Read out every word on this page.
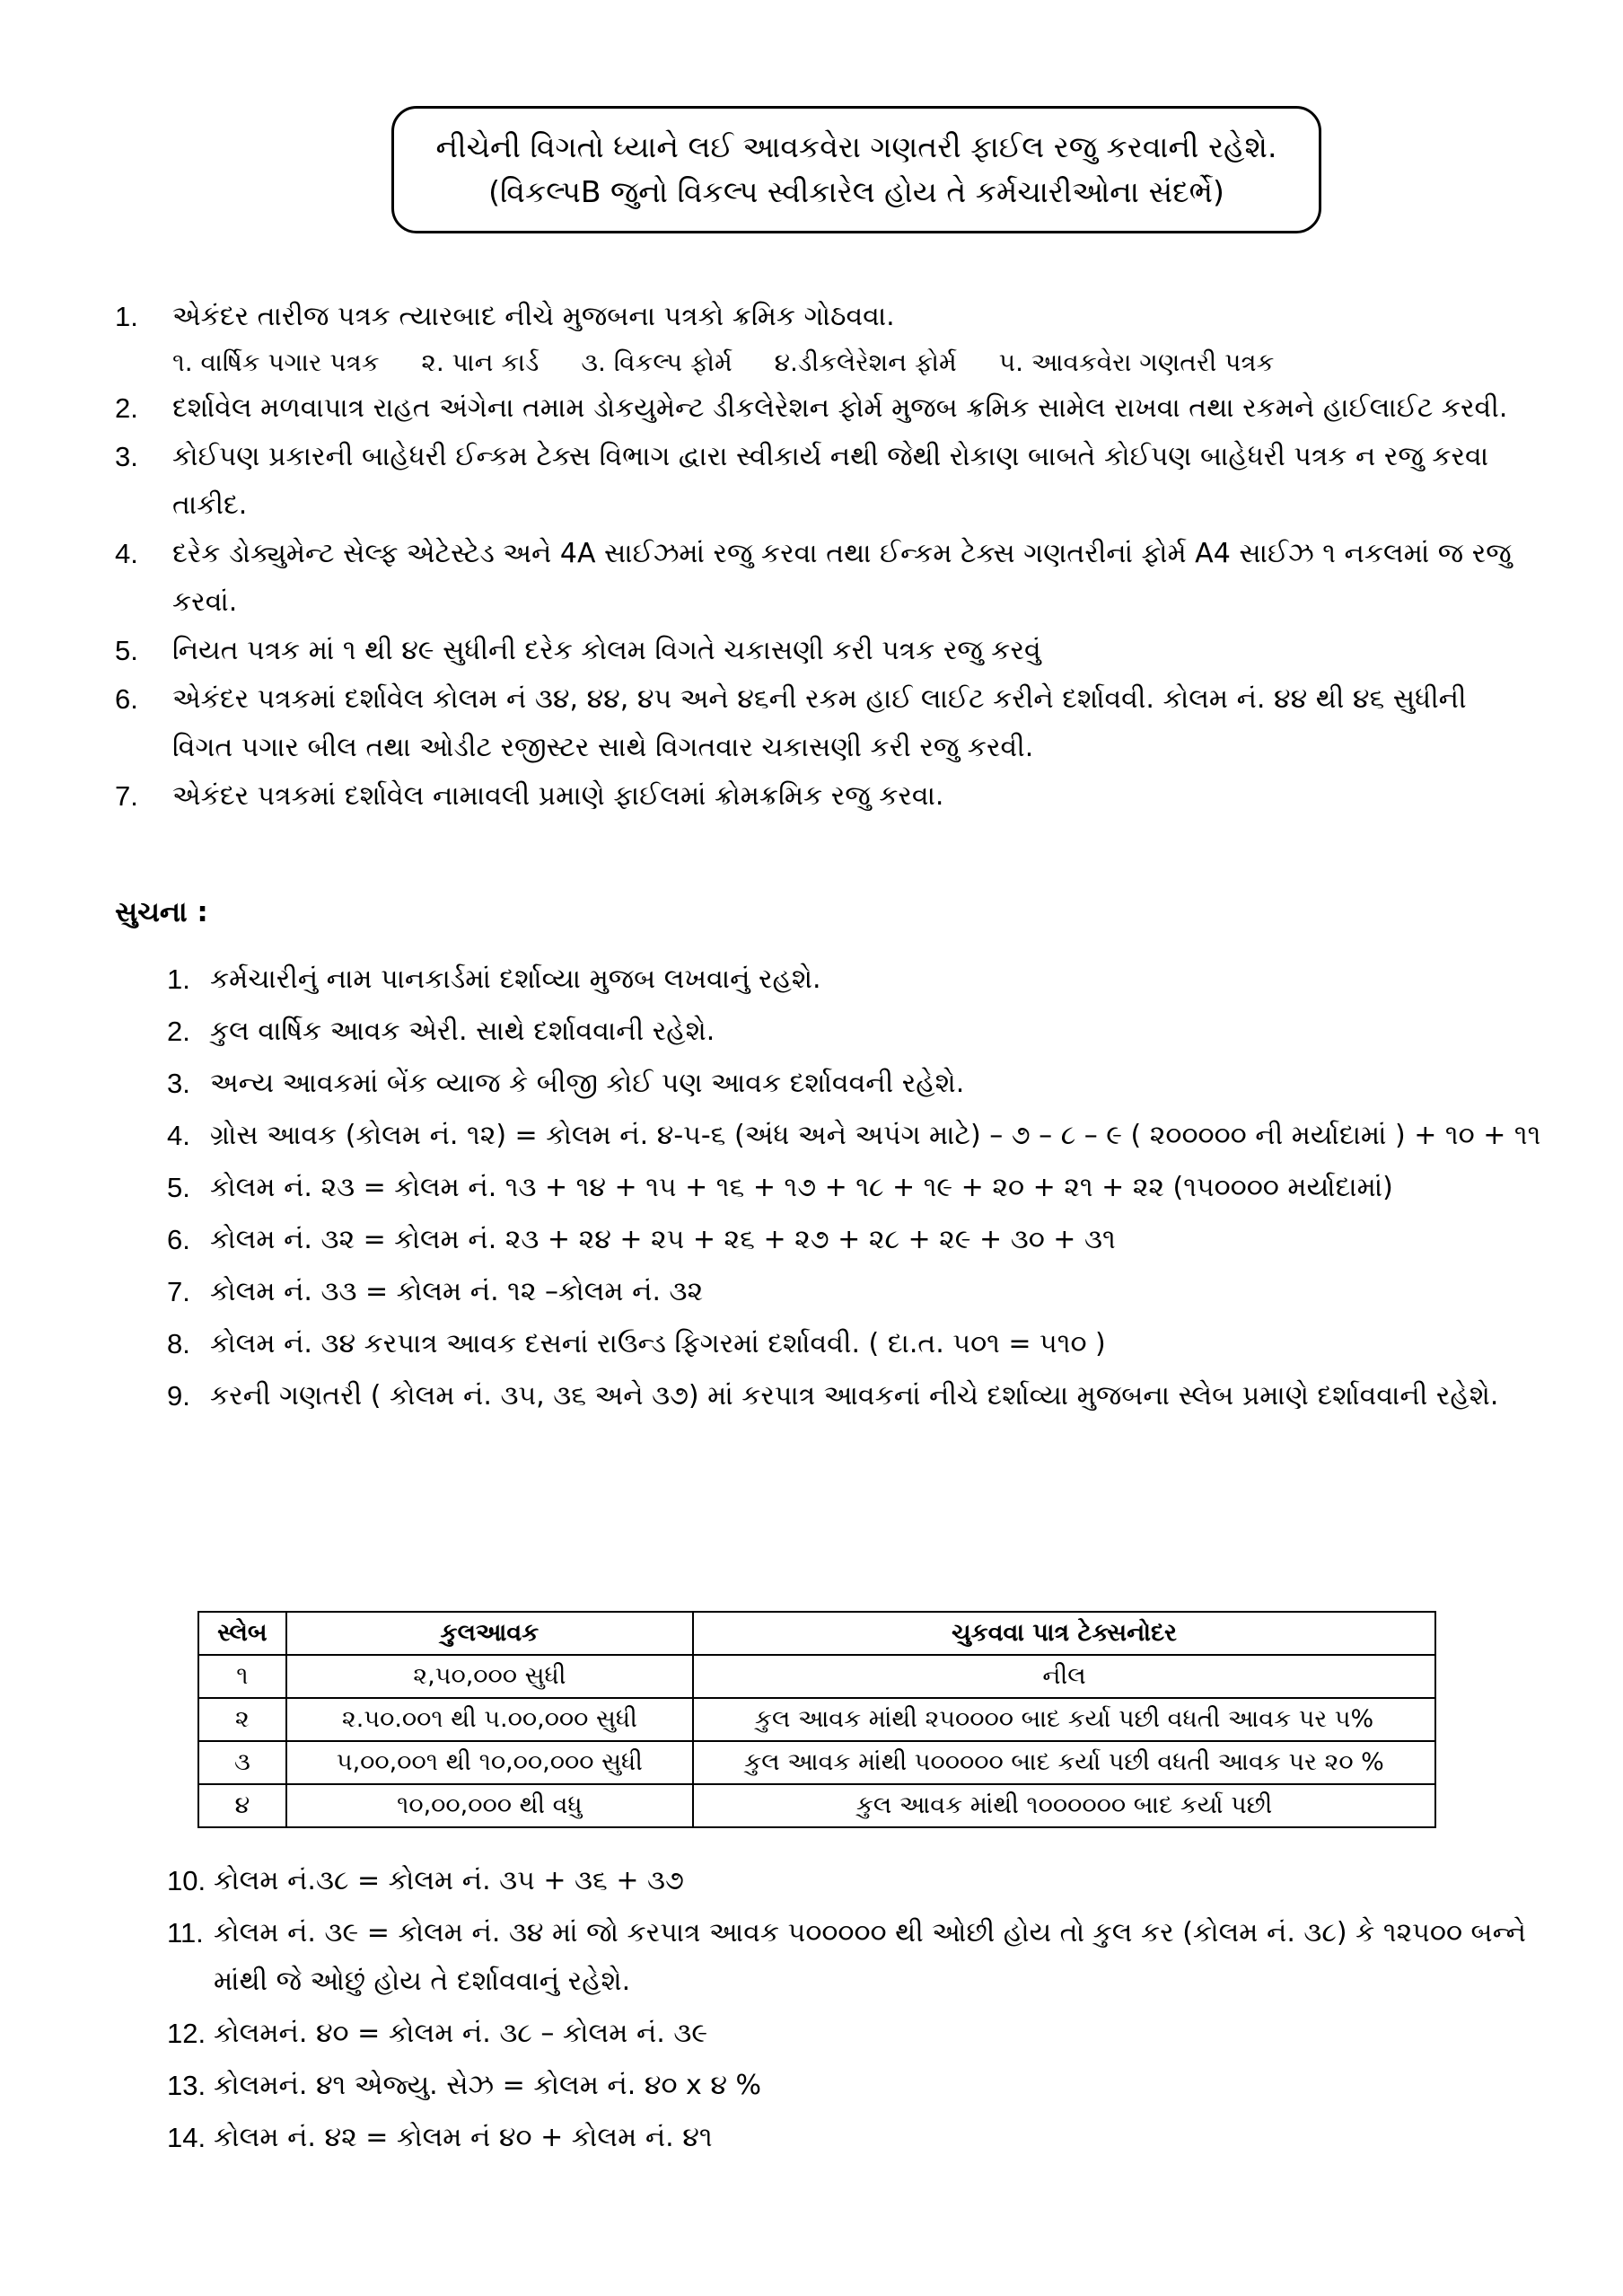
નીચેની વિગતો ધ્યાને લઈ આવકવેરા ગણતરી ફાઈલ રજુ કરવાની રહેશે.
(વિકલ્પB જુનો વિકલ્પ સ્વીકારેલ હોય તે કર્મચારીઓના સંદર્ભે)
1.	એકંદર તારીજ પત્રક ત્યારબાદ નીચે મુજબના પત્રકો ક્રમિક ગોઠવવા.
૧. વાર્ષિક પગાર પત્રક ૨. પાન કાર્ડ ૩. વિકલ્પ ફોર્મ ૪.ડીકલેરેશન ફોર્મ ૫. આવકવેરા ગણતરી પત્રક
2.	દર્શાવેલ મળવાપાત્ર રાહત અંગેના તમામ ડોકયુમેન્ટ ડીકલેરેશન ફોર્મ મુજબ ક્રમિક સામેલ રાખવા તથા રકમને હાઈલાઈટ કરવી.
3.	કોઈપણ પ્રકારની બાહેધરી ઈન્કમ ટેક્સ વિભાગ દ્વારા સ્વીકાર્ય નથી જેથી રોકાણ બાબતે કોઈપણ બાહેધરી પત્રક ન રજુ કરવા તાકીદ.
4.	દરેક ડોક્યુમેન્ટ સેલ્ફ એટેસ્ટેડ અને 4A સાઈઝમાં રજુ કરવા તથા ઈન્કમ ટેક્સ ગણતરીનાં ફોર્મ A4 સાઈઝ ૧ નકલમાં જ રજુ કરવાં.
5.	નિયત પત્રક માં ૧ થી ૪૯ સુધીની દરેક કોલમ વિગતે ચકાસણી કરી પત્રક રજુ કરવું
6.	એકંદર પત્રકમાં દર્શાવેલ કોલમ નં ૩૪, ૪૪, ૪૫ અને ૪૬ની રકમ હાઈ લાઈટ કરીને દર્શાવવી. કોલમ નં. ૪૪ થી ૪૬ સુધીની વિગત પગાર બીલ તથા ઓડીટ રજીસ્ટર સાથે વિગતવાર ચકાસણી કરી રજુ કરવી.
7.	એકંદર પત્રકમાં દર્શાવેલ નામાવલી પ્રમાણે ફાઈલમાં ક્રોમક્રમિક રજુ કરવા.
સુચના :
1. કર્મચારીનું નામ પાનકાર્ડમાં દર્શાવ્યા મુજબ લખવાનું રહશે.
2. કુલ વાર્ષિક આવક એરી. સાથે દર્શાવવાની રહેશે.
3. અન્ય આવકમાં બેંક વ્યાજ કે બીજી કોઈ પણ આવક દર્શાવવની રહેશે.
4. ગ્રોસ આવક (કોલમ નં. ૧૨) = કોલમ નં. ૪-૫-૬ (અંધ અને અપંગ માટે) – ૭ – ૮ – ૯ ( ૨૦૦૦૦૦ ની મર્યાદામાં ) + ૧૦ + ૧૧
5. કોલમ નં. ૨૩ = કોલમ નં. ૧૩ + ૧૪ + ૧૫ + ૧૬ + ૧૭ + ૧૮ + ૧૯ + ૨૦ + ૨૧ + ૨૨ (૧૫૦૦૦૦ મર્યાદામાં)
6. કોલમ નં. ૩૨ = કોલમ નં. ૨૩ + ૨૪ + ૨૫ + ૨૬ + ૨૭ + ૨૮ + ૨૯ + ૩૦ + ૩૧
7. કોલમ નં. ૩૩ = કોલમ નં. ૧૨ –કોલમ નં. ૩૨
8. કોલમ નં. ૩૪ કરપાત્ર આવક દસનાં રાઉન્ડ ફિગરમાં દર્શાવવી. ( દા.ત. ૫૦૧ = ૫૧૦ )
9. કરની ગણતરી ( કોલમ નં. ૩૫, ૩૬ અને ૩૭) માં કરપાત્ર આવકનાં નીચે દર્શાવ્યા મુજબના સ્લેબ પ્રમાણે દર્શાવવાની રહેશે.
સ્લેબ	કુલઆવક	ચુકવવા પાત્ર ટેક્સનોદર
૧	૨,૫૦,૦૦૦ સુધી	નીલ
૨	૨.૫૦.૦૦૧ થી ૫.૦૦,૦૦૦ સુધી	કુલ આવક માંથી ૨૫૦૦૦૦ બાદ કર્યા પછી વધતી આવક પર ૫%
૩	૫,૦૦,૦૦૧ થી ૧૦,૦૦,૦૦૦ સુધી	કુલ આવક માંથી ૫૦૦૦૦૦ બાદ કર્યા પછી વધતી આવક પર ૨૦ %
૪	૧૦,૦૦,૦૦૦ થી વધુ	કુલ આવક માંથી ૧૦૦૦૦૦૦ બાદ કર્યા પછી
10. કોલમ નં.૩૮ = કોલમ નં. ૩૫ + ૩૬ + ૩૭
11. કોલમ નં. ૩૯ = કોલમ નં. ૩૪ માં જો કરપાત્ર આવક ૫૦૦૦૦૦ થી ઓછી હોય તો કુલ કર (કોલમ નં. ૩૮) કે ૧૨૫૦૦ બન્ને માંથી જે ઓછું હોય તે દર્શાવવાનું રહેશે.
12. કોલમનં. ૪૦ = કોલમ નં. ૩૮ – કોલમ નં. ૩૯
13. કોલમનં. ૪૧ એજ્યુ. સેઝ = કોલમ નં. ૪૦ x ૪ %
14. કોલમ નં. ૪૨ = કોલમ નં ૪૦ + કોલમ નં. ૪૧
